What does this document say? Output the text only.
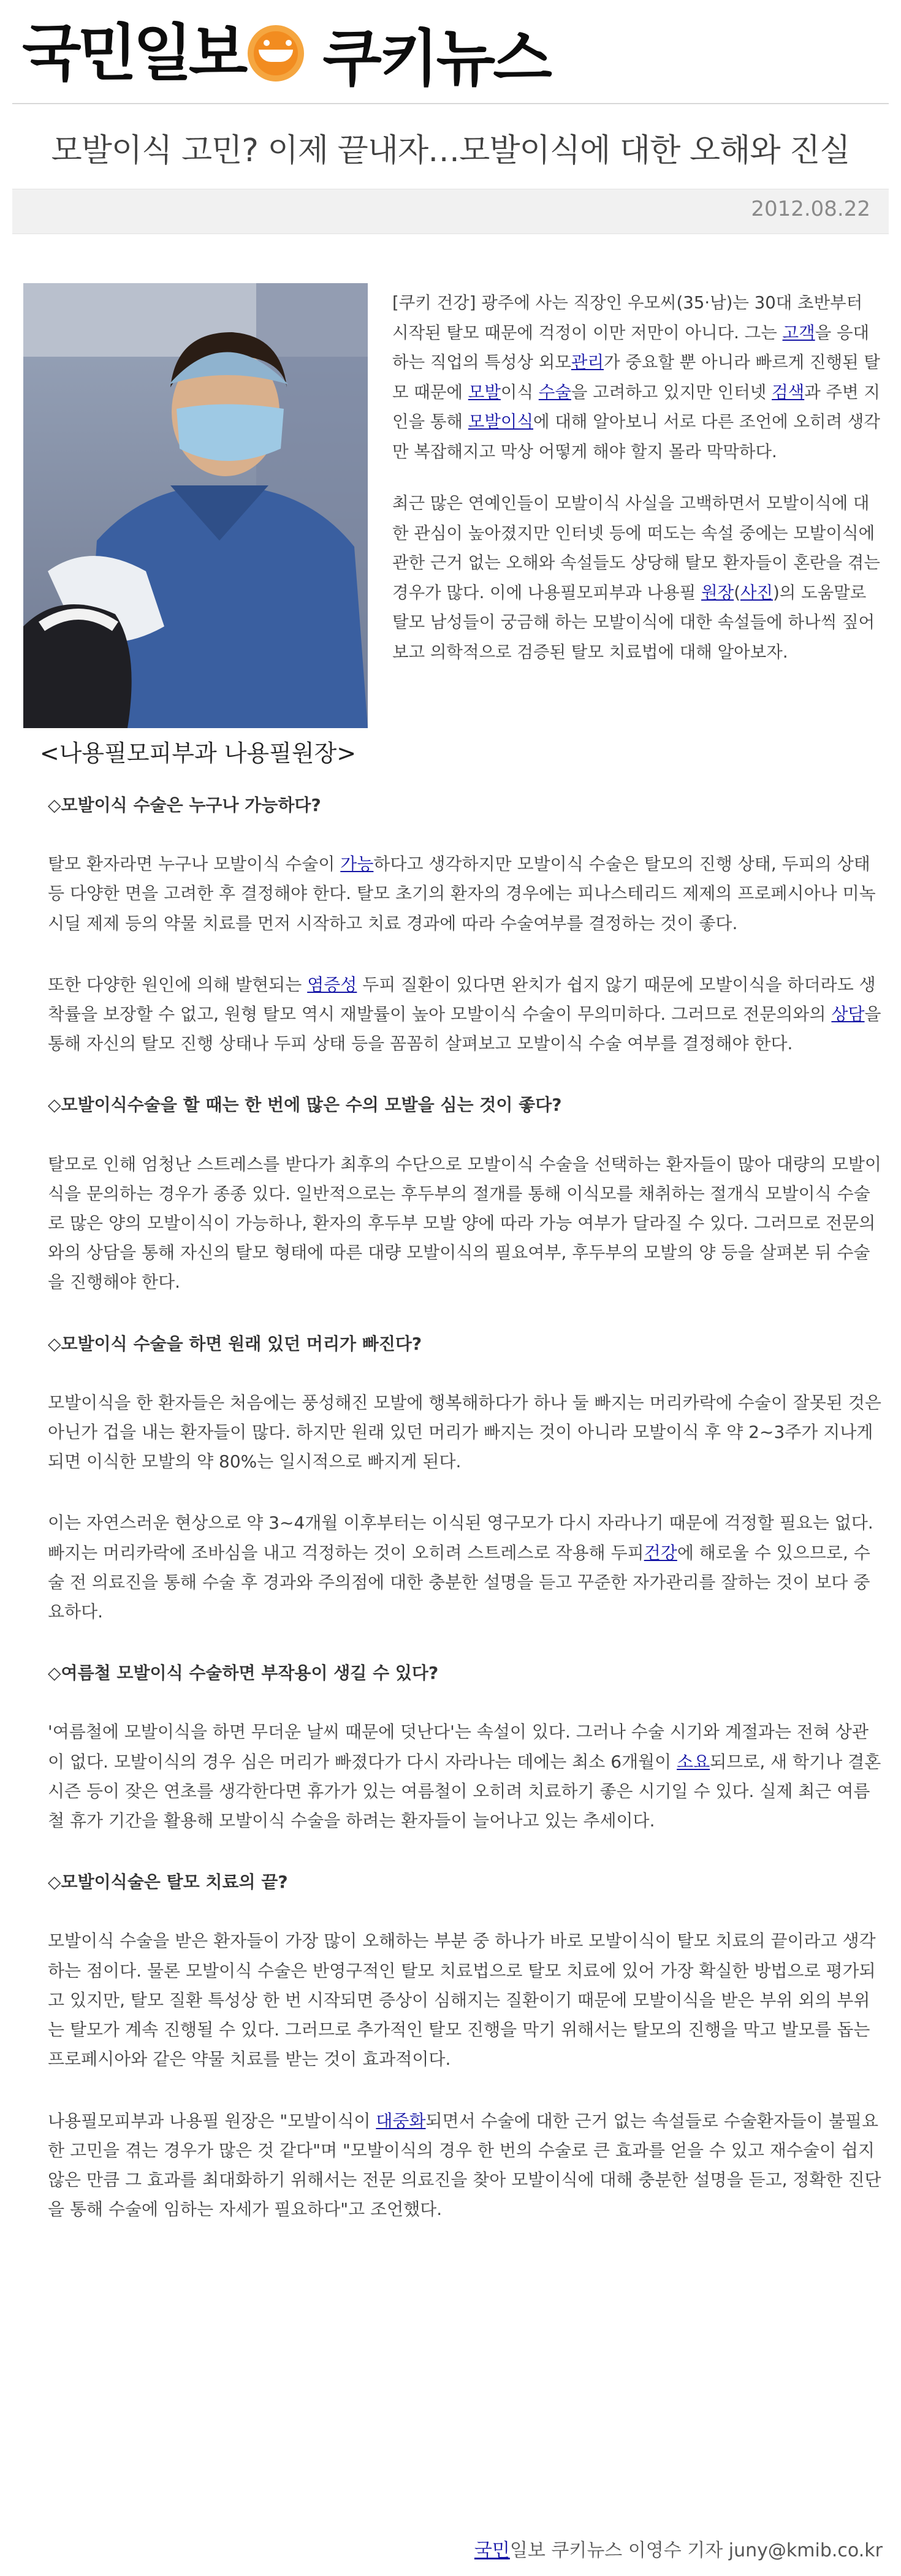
국민일보 쿠키뉴스
모발이식 고민? 이제 끝내자…모발이식에 대한 오해와 진실
2012.08.22
<나용필모피부과 나용필원장>

[쿠키 건강] 광주에 사는 직장인 우모씨(35·남)는 30대 초반부터 시작된 탈모 때문에 걱정이 이만 저만이 아니다. 그는 고객을 응대하는 직업의 특성상 외모관리가 중요할 뿐 아니라 빠르게 진행된 탈모 때문에 모발이식 수술을 고려하고 있지만 인터넷 검색과 주변 지인을 통해 모발이식에 대해 알아보니 서로 다른 조언에 오히려 생각만 복잡해지고 막상 어떻게 해야 할지 몰라 막막하다.

최근 많은 연예인들이 모발이식 사실을 고백하면서 모발이식에 대한 관심이 높아졌지만 인터넷 등에 떠도는 속설 중에는 모발이식에 관한 근거 없는 오해와 속설들도 상당해 탈모 환자들이 혼란을 겪는 경우가 많다. 이에 나용필모피부과 나용필 원장(사진)의 도움말로 탈모 남성들이 궁금해 하는 모발이식에 대한 속설들에 하나씩 짚어보고 의학적으로 검증된 탈모 치료법에 대해 알아보자.

◇모발이식 수술은 누구나 가능하다?

탈모 환자라면 누구나 모발이식 수술이 가능하다고 생각하지만 모발이식 수술은 탈모의 진행 상태, 두피의 상태 등 다양한 면을 고려한 후 결정해야 한다. 탈모 초기의 환자의 경우에는 피나스테리드 제제의 프로페시아나 미녹시딜 제제 등의 약물 치료를 먼저 시작하고 치료 경과에 따라 수술여부를 결정하는 것이 좋다.

또한 다양한 원인에 의해 발현되는 염증성 두피 질환이 있다면 완치가 쉽지 않기 때문에 모발이식을 하더라도 생착률을 보장할 수 없고, 원형 탈모 역시 재발률이 높아 모발이식 수술이 무의미하다. 그러므로 전문의와의 상담을 통해 자신의 탈모 진행 상태나 두피 상태 등을 꼼꼼히 살펴보고 모발이식 수술 여부를 결정해야 한다.

◇모발이식수술을 할 때는 한 번에 많은 수의 모발을 심는 것이 좋다?

탈모로 인해 엄청난 스트레스를 받다가 최후의 수단으로 모발이식 수술을 선택하는 환자들이 많아 대량의 모발이식을 문의하는 경우가 종종 있다. 일반적으로는 후두부의 절개를 통해 이식모를 채취하는 절개식 모발이식 수술로 많은 양의 모발이식이 가능하나, 환자의 후두부 모발 양에 따라 가능 여부가 달라질 수 있다. 그러므로 전문의와의 상담을 통해 자신의 탈모 형태에 따른 대량 모발이식의 필요여부, 후두부의 모발의 양 등을 살펴본 뒤 수술을 진행해야 한다.

◇모발이식 수술을 하면 원래 있던 머리가 빠진다?

모발이식을 한 환자들은 처음에는 풍성해진 모발에 행복해하다가 하나 둘 빠지는 머리카락에 수술이 잘못된 것은 아닌가 겁을 내는 환자들이 많다. 하지만 원래 있던 머리가 빠지는 것이 아니라 모발이식 후 약 2~3주가 지나게 되면 이식한 모발의 약 80%는 일시적으로 빠지게 된다.

이는 자연스러운 현상으로 약 3~4개월 이후부터는 이식된 영구모가 다시 자라나기 때문에 걱정할 필요는 없다. 빠지는 머리카락에 조바심을 내고 걱정하는 것이 오히려 스트레스로 작용해 두피건강에 해로울 수 있으므로, 수술 전 의료진을 통해 수술 후 경과와 주의점에 대한 충분한 설명을 듣고 꾸준한 자가관리를 잘하는 것이 보다 중요하다.

◇여름철 모발이식 수술하면 부작용이 생길 수 있다?

'여름철에 모발이식을 하면 무더운 날씨 때문에 덧난다'는 속설이 있다. 그러나 수술 시기와 계절과는 전혀 상관이 없다. 모발이식의 경우 심은 머리가 빠졌다가 다시 자라나는 데에는 최소 6개월이 소요되므로, 새 학기나 결혼 시즌 등이 잦은 연초를 생각한다면 휴가가 있는 여름철이 오히려 치료하기 좋은 시기일 수 있다. 실제 최근 여름철 휴가 기간을 활용해 모발이식 수술을 하려는 환자들이 늘어나고 있는 추세이다.

◇모발이식술은 탈모 치료의 끝?

모발이식 수술을 받은 환자들이 가장 많이 오해하는 부분 중 하나가 바로 모발이식이 탈모 치료의 끝이라고 생각하는 점이다. 물론 모발이식 수술은 반영구적인 탈모 치료법으로 탈모 치료에 있어 가장 확실한 방법으로 평가되고 있지만, 탈모 질환 특성상 한 번 시작되면 증상이 심해지는 질환이기 때문에 모발이식을 받은 부위 외의 부위는 탈모가 계속 진행될 수 있다. 그러므로 추가적인 탈모 진행을 막기 위해서는 탈모의 진행을 막고 발모를 돕는 프로페시아와 같은 약물 치료를 받는 것이 효과적이다.

나용필모피부과 나용필 원장은 "모발이식이 대중화되면서 수술에 대한 근거 없는 속설들로 수술환자들이 불필요한 고민을 겪는 경우가 많은 것 같다"며 "모발이식의 경우 한 번의 수술로 큰 효과를 얻을 수 있고 재수술이 쉽지 않은 만큼 그 효과를 최대화하기 위해서는 전문 의료진을 찾아 모발이식에 대해 충분한 설명을 듣고, 정확한 진단을 통해 수술에 임하는 자세가 필요하다"고 조언했다.

국민일보 쿠키뉴스 이영수 기자 juny@kmib.co.kr
